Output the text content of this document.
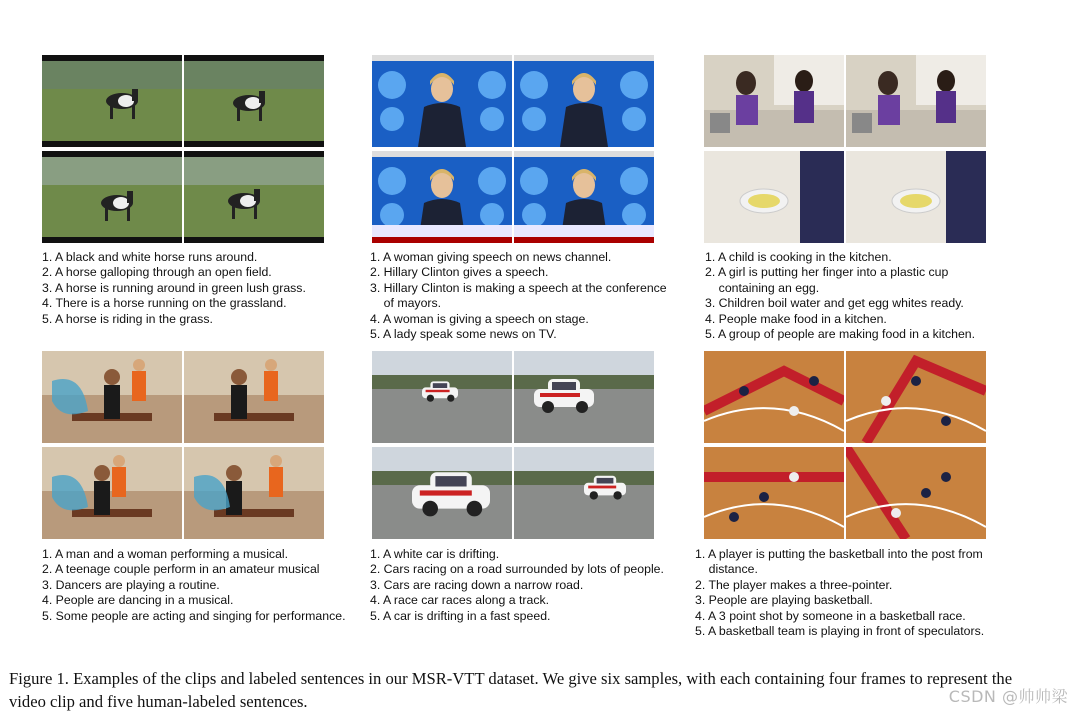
1. A black and white horse runs around.
2. A horse galloping through an open field.
3. A horse is running around in green lush grass.
4. There is a horse running on the grassland.
5. A horse is riding in the grass.
1. A woman giving speech on news channel.
2. Hillary Clinton gives a speech.
3. Hillary Clinton is making a speech at the conference
of mayors.
4. A woman is giving a speech on stage.
5. A lady speak some news on TV.
1. A child is cooking in the kitchen.
2. A girl is putting her finger into a plastic cup
containing an egg.
3. Children boil water and get egg whites ready.
4. People make food in a kitchen.
5. A group of people are making food in a kitchen.
1. A man and a woman performing a musical.
2. A teenage couple perform in an amateur musical
3. Dancers are playing a routine.
4. People are dancing in a musical.
5. Some people are acting and singing for performance.
1. A white car is drifting.
2. Cars racing on a road surrounded by lots of people.
3. Cars are racing down a narrow road.
4. A race car races along a track.
5. A car is drifting in a fast speed.
1. A player is putting the basketball into the post from
distance.
2. The player makes a three-pointer.
3. People are playing basketball.
4. A 3 point shot by someone in a basketball race.
5. A basketball team is playing in front of speculators.

Figure 1. Examples of the clips and labeled sentences in our MSR-VTT dataset. We give six samples, with each containing four frames to represent the video clip and five human-labeled sentences.	CSDN @帅帅梁
